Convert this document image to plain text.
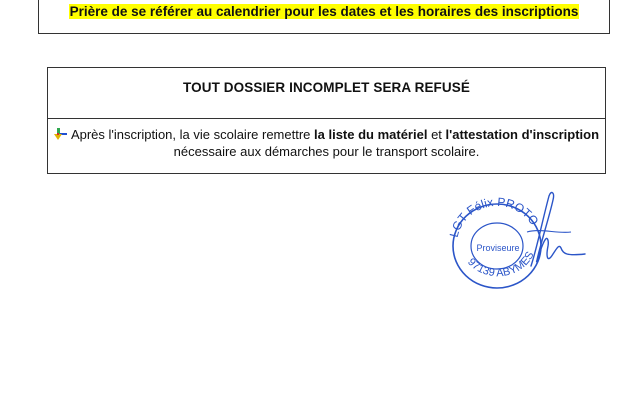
Prière de se référer au calendrier pour les dates et les horaires des inscriptions
TOUT DOSSIER INCOMPLET SERA REFUSÉ
Après l'inscription, la vie scolaire remettre la liste du matériel et l'attestation d'inscription
nécessaire aux démarches pour le transport scolaire.
LGT Félix PROTO
97139 ABYMES
Proviseure
